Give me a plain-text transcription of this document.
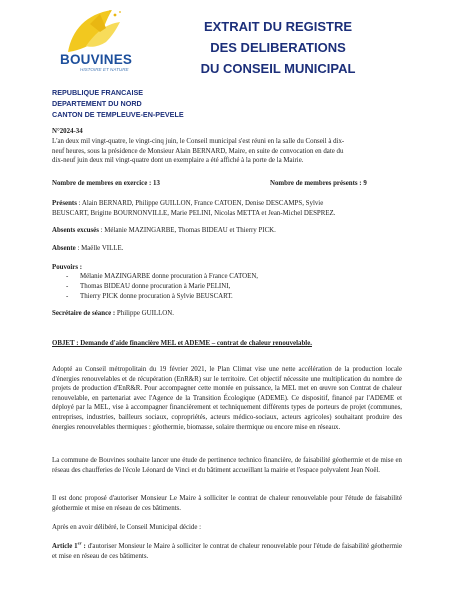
BOUVINES
HISTOIRE ET NATURE
EXTRAIT DU REGISTRE
DES DELIBERATIONS
DU CONSEIL MUNICIPAL
REPUBLIQUE FRANCAISE
DEPARTEMENT DU NORD
CANTON DE TEMPLEUVE-EN-PEVELE
N°2024-34
L'an deux mil vingt-quatre, le vingt-cinq juin, le Conseil municipal s'est réuni en la salle du Conseil à dix-
neuf heures, sous la présidence de Monsieur Alain BERNARD, Maire, en suite de convocation en date du
dix-neuf juin deux mil vingt-quatre dont un exemplaire a été affiché à la porte de la Mairie.
Nombre de membres en exercice : 13	Nombre de membres présents : 9
Présents : Alain BERNARD, Philippe GUILLON, France CATOEN, Denise DESCAMPS, Sylvie
BEUSCART, Brigitte BOURNONVILLE, Marie PELINI, Nicolas METTA et Jean-Michel DESPREZ.
Absents excusés : Mélanie MAZINGARBE, Thomas BIDEAU et Thierry PICK.
Absente : Maëlle VILLE.
Pouvoirs :
- Mélanie MAZINGARBE donne procuration à France CATOEN,
- Thomas BIDEAU donne procuration à Marie PELINI,
- Thierry PICK donne procuration à Sylvie BEUSCART.
Secrétaire de séance : Philippe GUILLON.
OBJET : Demande d'aide financière MEL et ADEME – contrat de chaleur renouvelable.
Adopté au Conseil métropolitain du 19 février 2021, le Plan Climat vise une nette accélération de la production locale d'énergies renouvelables et de récupération (EnR&R) sur le territoire. Cet objectif nécessite une multiplication du nombre de projets de production d'EnR&R. Pour accompagner cette montée en puissance, la MEL met en œuvre son Contrat de chaleur renouvelable, en partenariat avec l'Agence de la Transition Écologique (ADEME). Ce dispositif, financé par l'ADEME et déployé par la MEL, vise à accompagner financièrement et techniquement différents types de porteurs de projet (communes, entreprises, industries, bailleurs sociaux, copropriétés, acteurs médico-sociaux, acteurs agricoles) souhaitant produire des énergies renouvelables thermiques : géothermie, biomasse, solaire thermique ou encore mise en réseaux.
La commune de Bouvines souhaite lancer une étude de pertinence technico financière, de faisabilité géothermie et de mise en réseau des chaufferies de l'école Léonard de Vinci et du bâtiment accueillant la mairie et l'espace polyvalent Jean Noël.
Il est donc proposé d'autoriser Monsieur Le Maire à solliciter le contrat de chaleur renouvelable pour l'étude de faisabilité géothermie et mise en réseau de ces bâtiments.
Après en avoir délibéré, le Conseil Municipal décide :
Article 1er : d'autoriser Monsieur le Maire à solliciter le contrat de chaleur renouvelable pour l'étude de faisabilité géothermie et mise en réseau de ces bâtiments.
